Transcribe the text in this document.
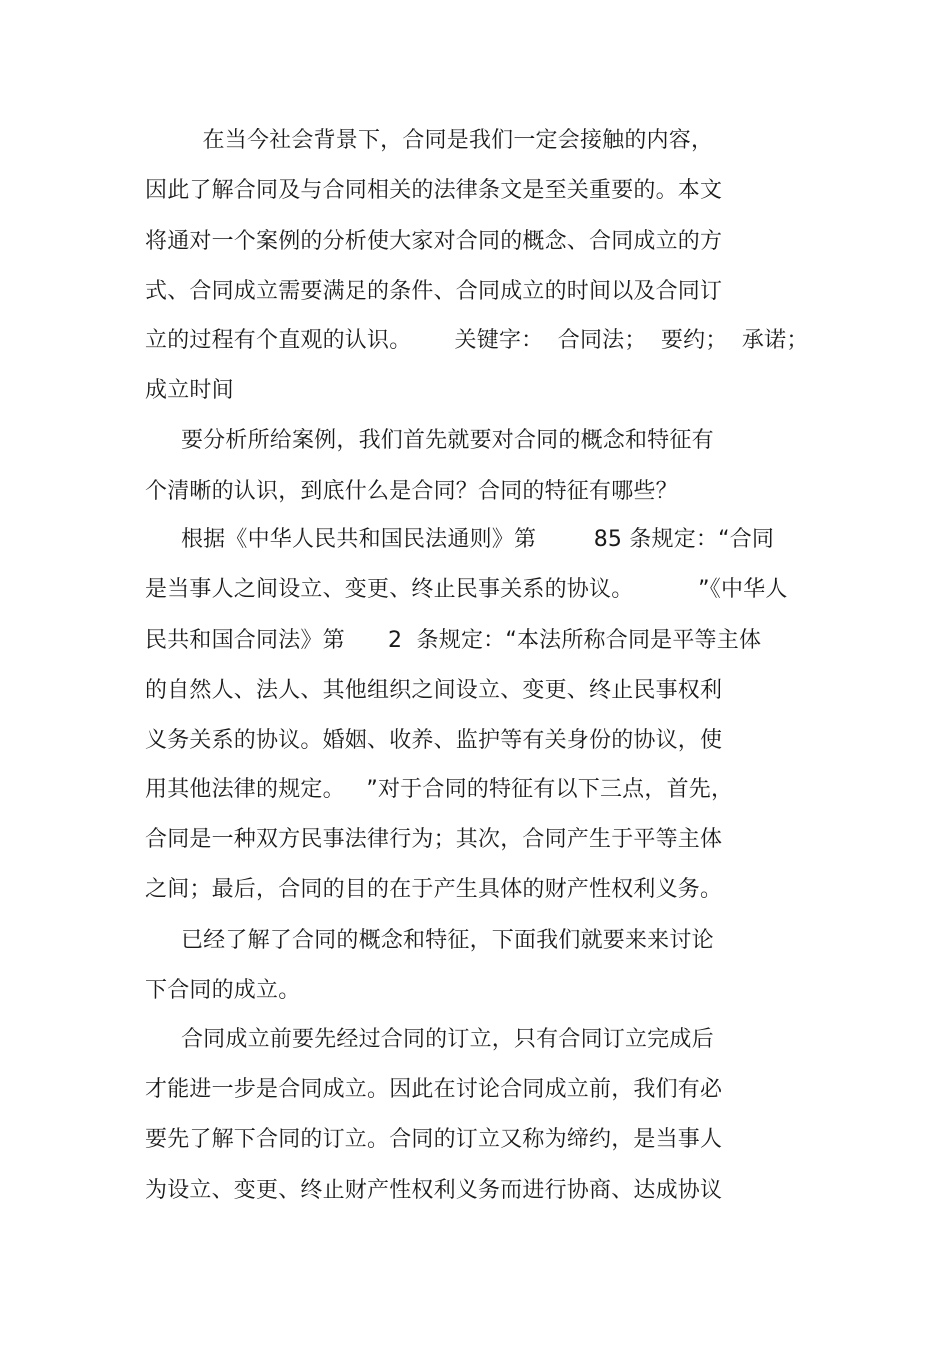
在当今社会背景下，合同是我们一定会接触的内容，
因此了解合同及与合同相关的法律条文是至关重要的。本文
将通对一个案例的分析使大家对合同的概念、合同成立的方
式、合同成立需要满足的条件、合同成立的时间以及合同订
立的过程有个直观的认识。      关键字：  合同法；  要约；  承诺；
成立时间
要分析所给案例，我们首先就要对合同的概念和特征有
个清晰的认识，到底什么是合同？合同的特征有哪些？
根据《中华人民共和国民法通则》第        85 条规定：“合同
是当事人之间设立、变更、终止民事关系的协议。         ”《中华人
民共和国合同法》第      2  条规定：“本法所称合同是平等主体
的自然人、法人、其他组织之间设立、变更、终止民事权利
义务关系的协议。婚姻、收养、监护等有关身份的协议，使
用其他法律的规定。   ”对于合同的特征有以下三点，首先，
合同是一种双方民事法律行为；其次，合同产生于平等主体
之间；最后，合同的目的在于产生具体的财产性权利义务。
已经了解了合同的概念和特征，下面我们就要来来讨论
下合同的成立。
合同成立前要先经过合同的订立，只有合同订立完成后
才能进一步是合同成立。因此在讨论合同成立前，我们有必
要先了解下合同的订立。合同的订立又称为缔约，是当事人
为设立、变更、终止财产性权利义务而进行协商、达成协议
